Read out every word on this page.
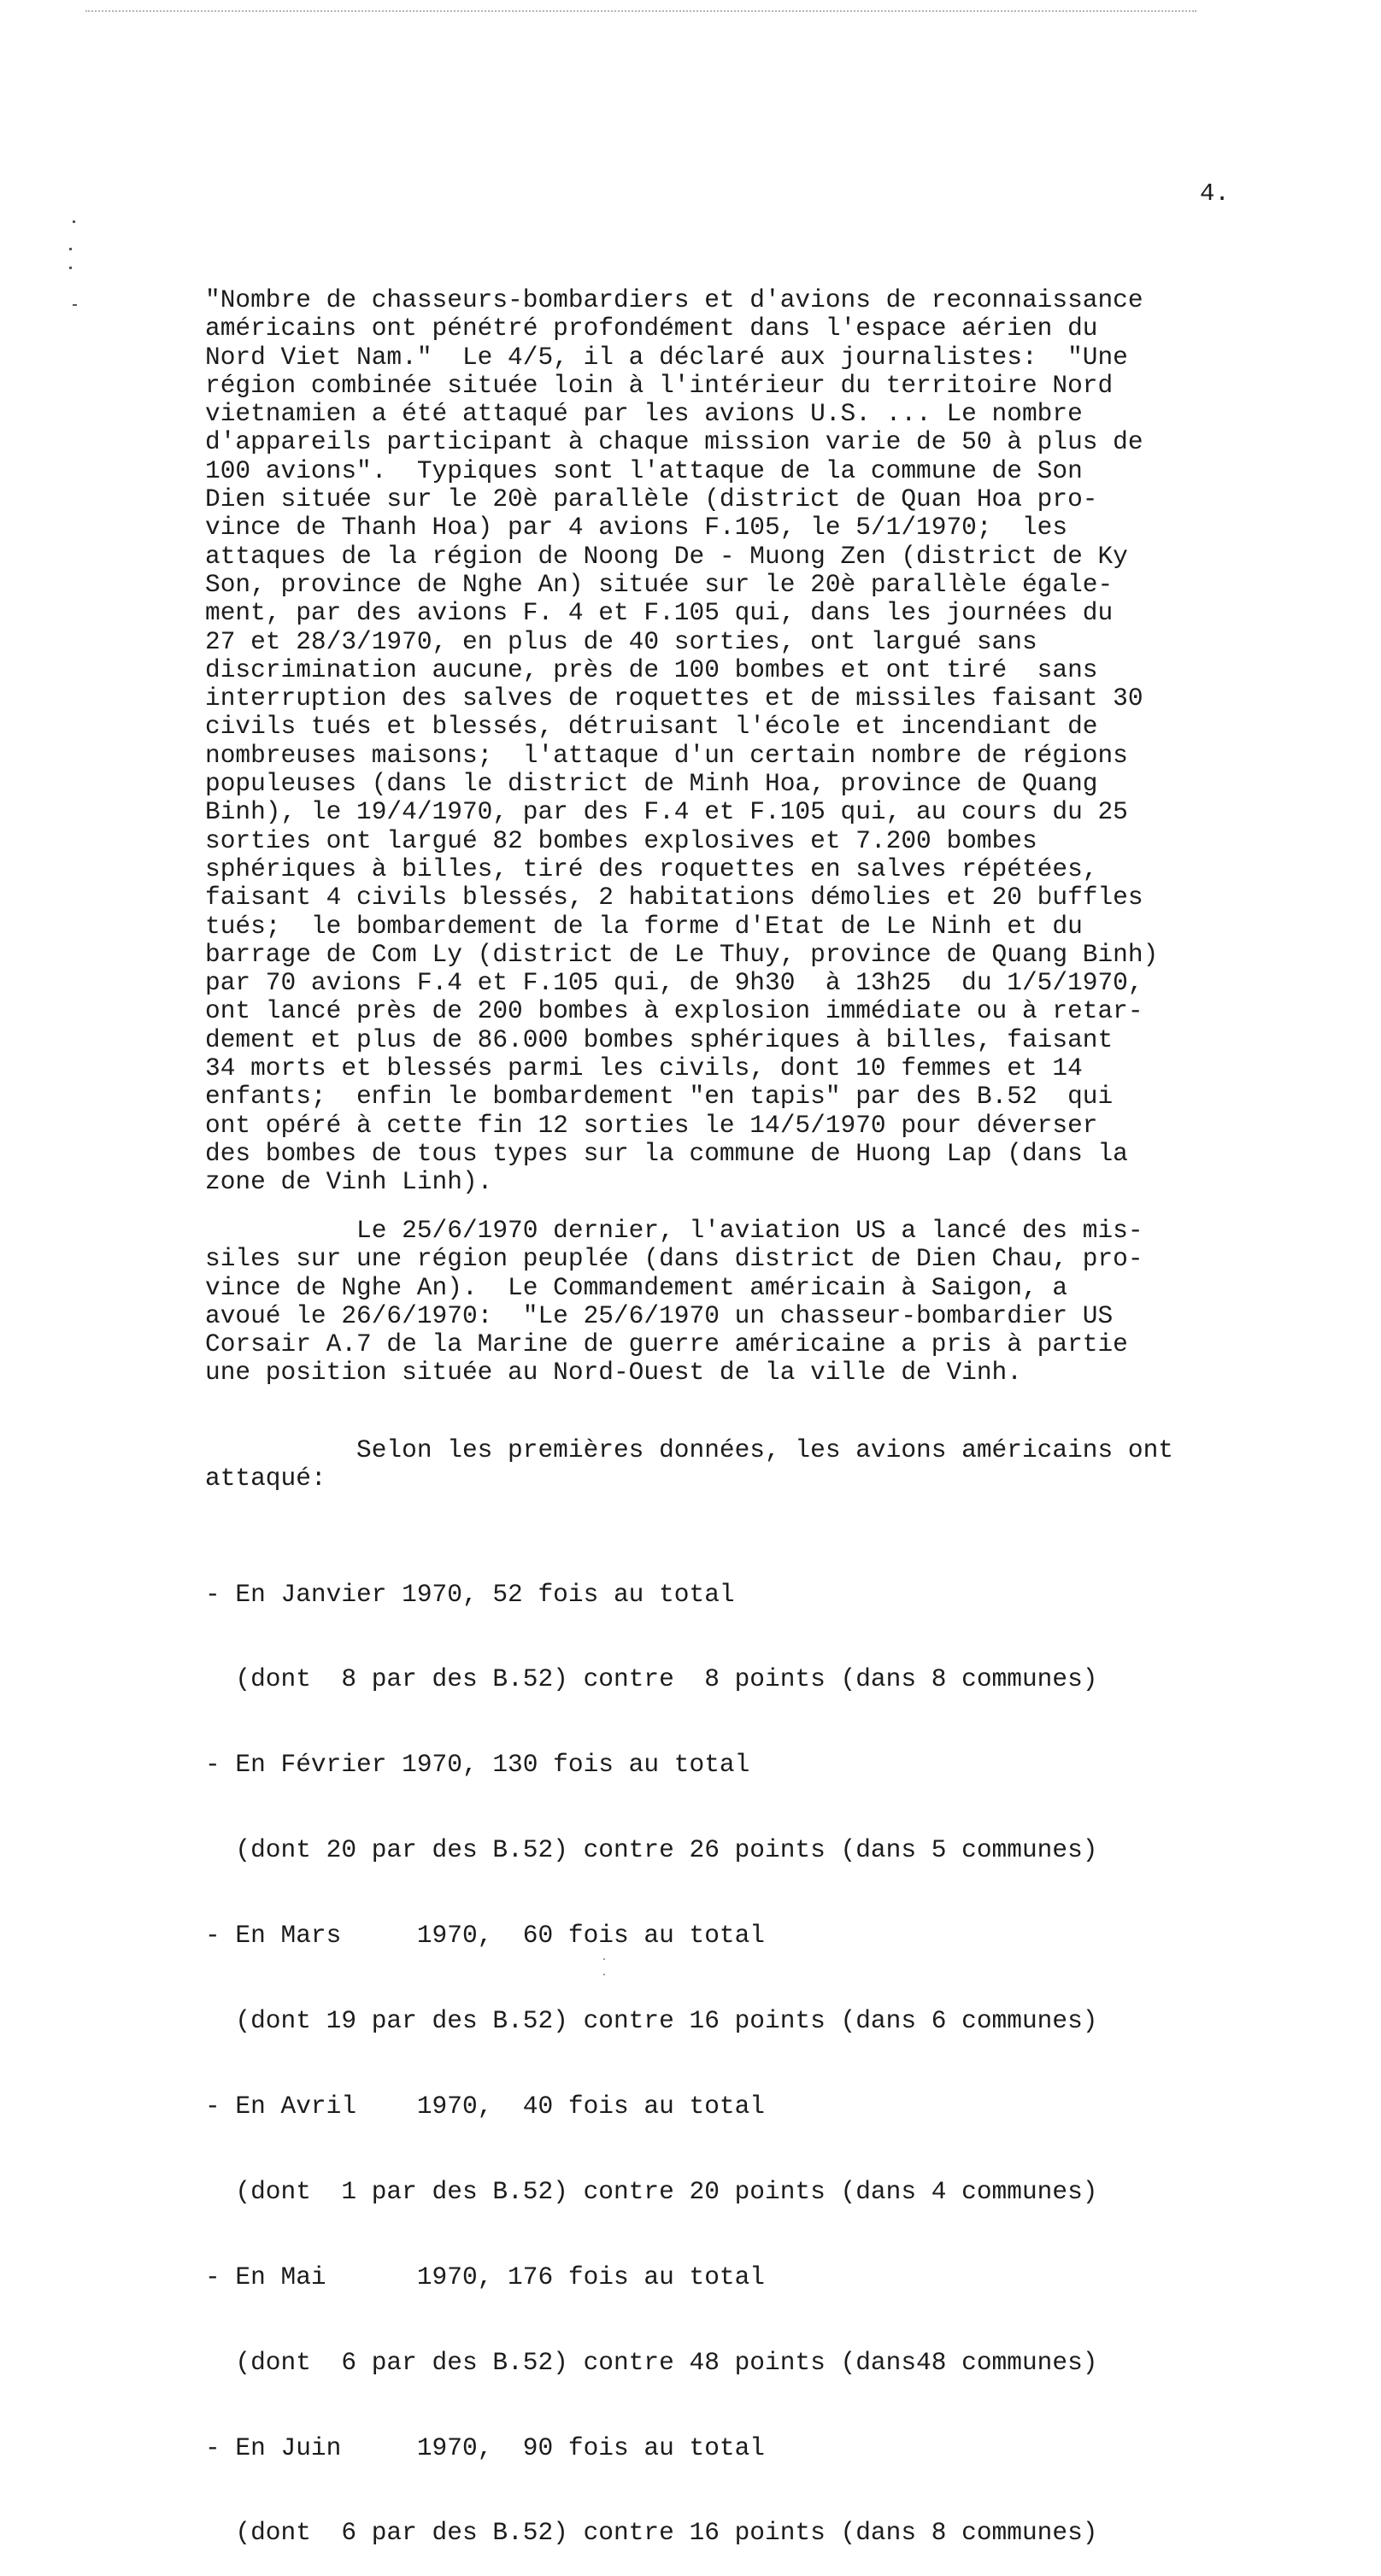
4.
"Nombre de chasseurs-bombardiers et d'avions de reconnaissance
américains ont pénétré profondément dans l'espace aérien du
Nord Viet Nam."  Le 4/5, il a déclaré aux journalistes:  "Une
région combinée située loin à l'intérieur du territoire Nord
vietnamien a été attaqué par les avions U.S. ... Le nombre
d'appareils participant à chaque mission varie de 50 à plus de
100 avions".  Typiques sont l'attaque de la commune de Son
Dien située sur le 20è parallèle (district de Quan Hoa pro-
vince de Thanh Hoa) par 4 avions F.105, le 5/1/1970;  les
attaques de la région de Noong De - Muong Zen (district de Ky
Son, province de Nghe An) située sur le 20è parallèle égale-
ment, par des avions F. 4 et F.105 qui, dans les journées du
27 et 28/3/1970, en plus de 40 sorties, ont largué sans
discrimination aucune, près de 100 bombes et ont tiré  sans
interruption des salves de roquettes et de missiles faisant 30
civils tués et blessés, détruisant l'école et incendiant de
nombreuses maisons;  l'attaque d'un certain nombre de régions
populeuses (dans le district de Minh Hoa, province de Quang
Binh), le 19/4/1970, par des F.4 et F.105 qui, au cours du 25
sorties ont largué 82 bombes explosives et 7.200 bombes
sphériques à billes, tiré des roquettes en salves répétées,
faisant 4 civils blessés, 2 habitations démolies et 20 buffles
tués;  le bombardement de la forme d'Etat de Le Ninh et du
barrage de Com Ly (district de Le Thuy, province de Quang Binh)
par 70 avions F.4 et F.105 qui, de 9h30  à 13h25  du 1/5/1970,
ont lancé près de 200 bombes à explosion immédiate ou à retar-
dement et plus de 86.000 bombes sphériques à billes, faisant
34 morts et blessés parmi les civils, dont 10 femmes et 14
enfants;  enfin le bombardement "en tapis" par des B.52  qui
ont opéré à cette fin 12 sorties le 14/5/1970 pour déverser
des bombes de tous types sur la commune de Huong Lap (dans la
zone de Vinh Linh).
Le 25/6/1970 dernier, l'aviation US a lancé des mis-
siles sur une région peuplée (dans district de Dien Chau, pro-
vince de Nghe An).  Le Commandement américain à Saigon, a
avoué le 26/6/1970:  "Le 25/6/1970 un chasseur-bombardier US
Corsair A.7 de la Marine de guerre américaine a pris à partie
une position située au Nord-Ouest de la ville de Vinh.
Selon les premières données, les avions américains ont
attaqué:

- En Janvier 1970, 52 fois au total

(dont  8 par des B.52) contre  8 points (dans 8 communes)

- En Février 1970, 130 fois au total

(dont 20 par des B.52) contre 26 points (dans 5 communes)

- En Mars     1970,  60 fois au total

(dont 19 par des B.52) contre 16 points (dans 6 communes)

- En Avril    1970,  40 fois au total

(dont  1 par des B.52) contre 20 points (dans 4 communes)

- En Mai      1970, 176 fois au total

(dont  6 par des B.52) contre 48 points (dans48 communes)

- En Juin     1970,  90 fois au total

(dont  6 par des B.52) contre 16 points (dans 8 communes)
